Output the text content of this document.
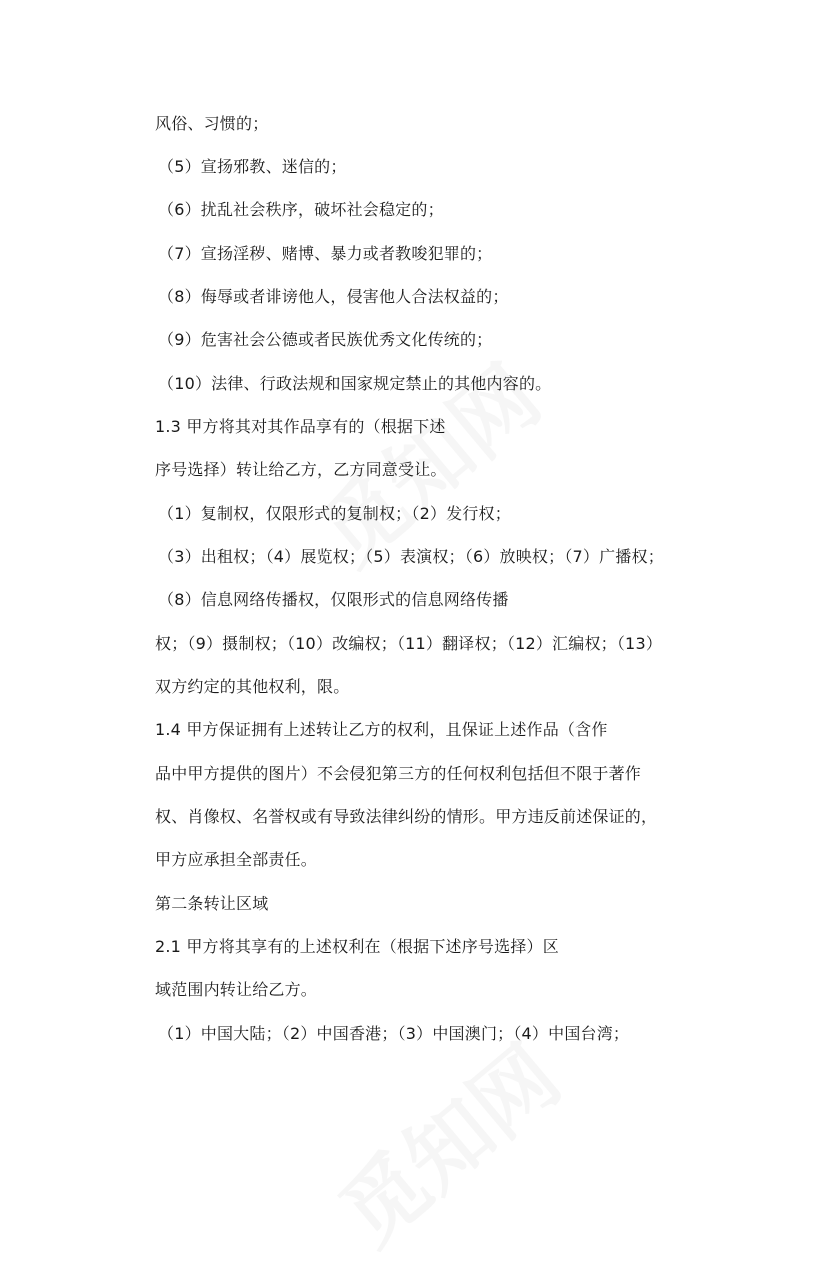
风俗、习惯的；
（5）宣扬邪教、迷信的；
（6）扰乱社会秩序，破坏社会稳定的；
（7）宣扬淫秽、赌博、暴力或者教唆犯罪的；
（8）侮辱或者诽谤他人，侵害他人合法权益的；
（9）危害社会公德或者民族优秀文化传统的；
（10）法律、行政法规和国家规定禁止的其他内容的。
1.3 甲方将其对其作品享有的（根据下述
序号选择）转让给乙方，乙方同意受让。
（1）复制权，仅限形式的复制权；（2）发行权；
（3）出租权；（4）展览权；（5）表演权；（6）放映权；（7）广播权；
（8）信息网络传播权，仅限形式的信息网络传播
权；（9）摄制权；（10）改编权；（11）翻译权；（12）汇编权；（13）
双方约定的其他权利，限。
1.4 甲方保证拥有上述转让乙方的权利，且保证上述作品（含作
品中甲方提供的图片）不会侵犯第三方的任何权利包括但不限于著作
权、肖像权、名誉权或有导致法律纠纷的情形。甲方违反前述保证的，
甲方应承担全部责任。
第二条转让区域
2.1 甲方将其享有的上述权利在（根据下述序号选择）区
域范围内转让给乙方。
（1）中国大陆；（2）中国香港；（3）中国澳门；（4）中国台湾；
